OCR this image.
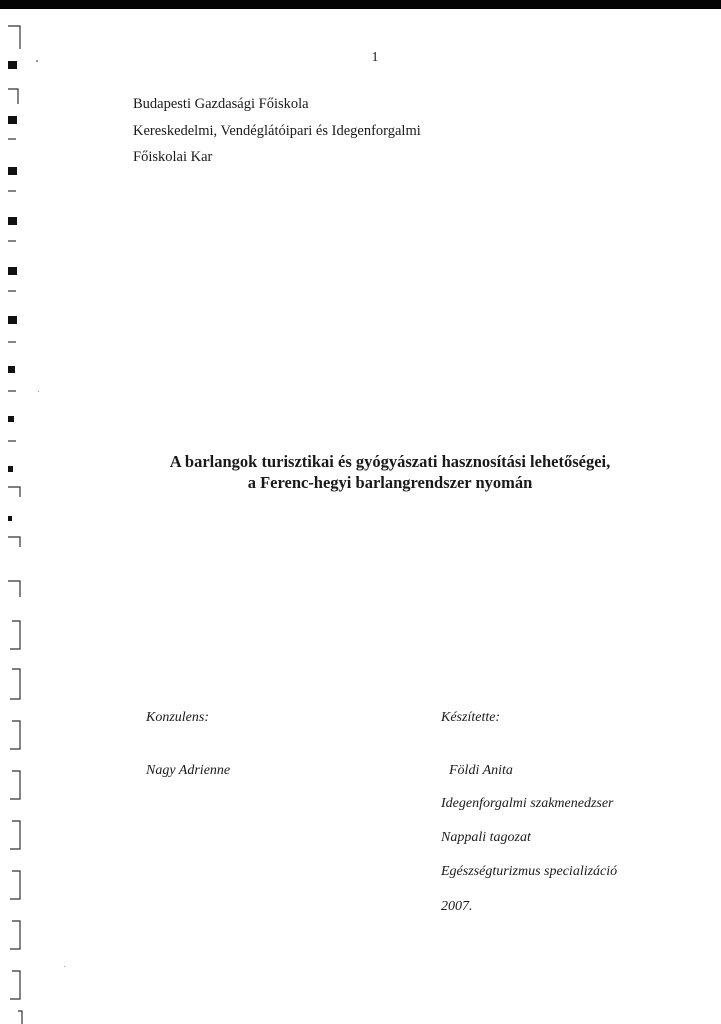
1
Budapesti Gazdasági Főiskola
Kereskedelmi, Vendéglátóipari és Idegenforgalmi
Főiskolai Kar
A barlangok turisztikai és gyógyászati hasznosítási lehetőségei,
a Ferenc-hegyi barlangrendszer nyomán
Konzulens:
Nagy Adrienne
Készítette:
Földi Anita
Idegenforgalmi szakmenedzser
Nappali tagozat
Egészségturizmus specializáció
2007.
